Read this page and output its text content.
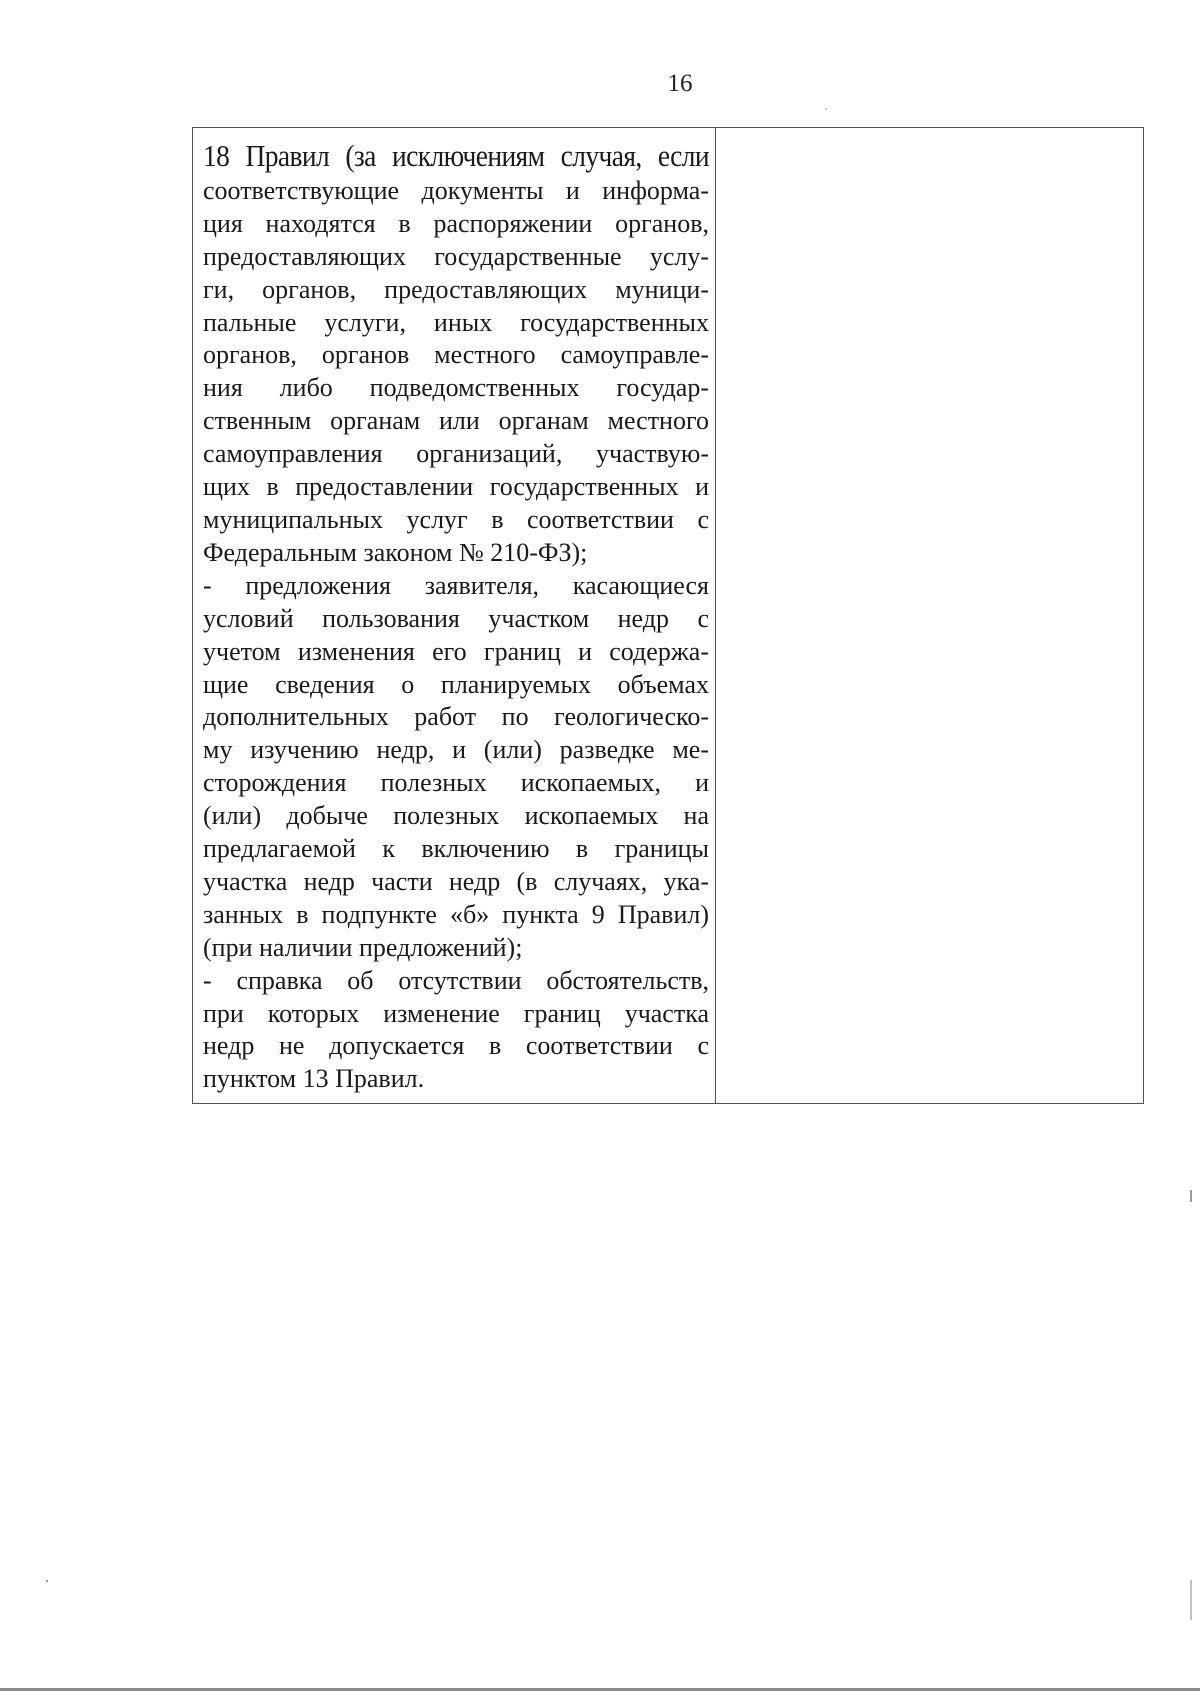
16
18 Правил (за исключениям случая, если
соответствующие документы и информа-
ция находятся в распоряжении органов,
предоставляющих государственные услу-
ги, органов, предоставляющих муници-
пальные услуги, иных государственных
органов, органов местного самоуправле-
ния либо подведомственных государ-
ственным органам или органам местного
самоуправления организаций, участвую-
щих в предоставлении государственных и
муниципальных услуг в соответствии с
Федеральным законом № 210-ФЗ);
- предложения заявителя, касающиеся
условий пользования участком недр с
учетом изменения его границ и содержа-
щие сведения о планируемых объемах
дополнительных работ по геологическо-
му изучению недр, и (или) разведке ме-
сторождения полезных ископаемых, и
(или) добыче полезных ископаемых на
предлагаемой к включению в границы
участка недр части недр (в случаях, ука-
занных в подпункте «б» пункта 9 Правил)
(при наличии предложений);
- справка об отсутствии обстоятельств,
при которых изменение границ участка
недр не допускается в соответствии с
пунктом 13 Правил.
